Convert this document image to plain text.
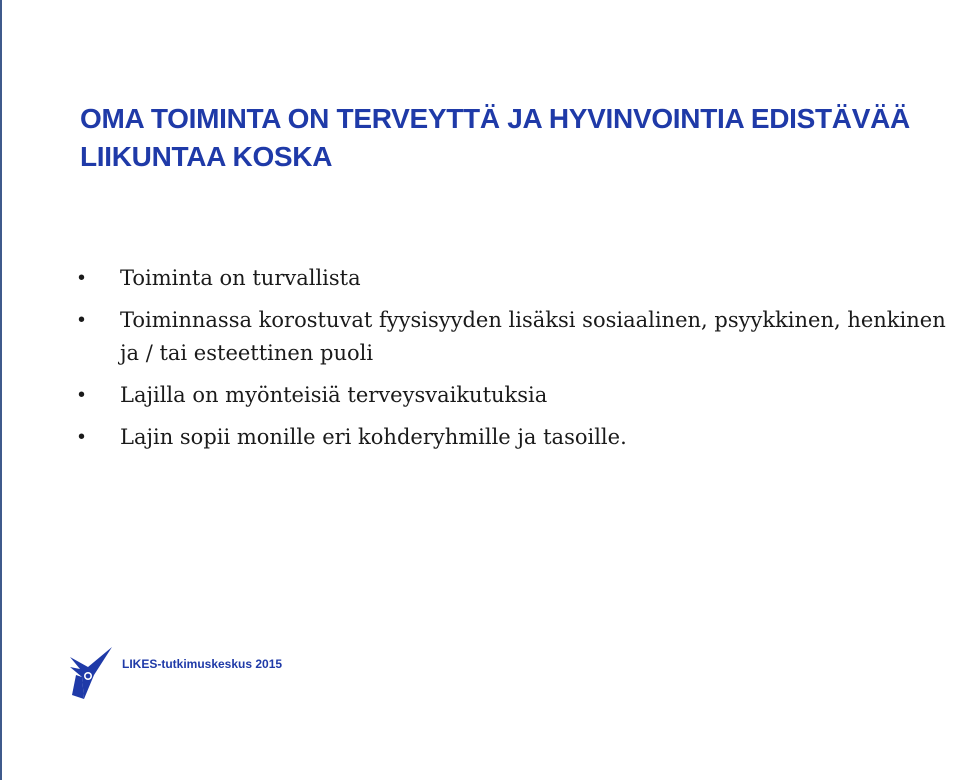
OMA TOIMINTA ON TERVEYTTÄ JA HYVINVOINTIA EDISTÄVÄÄ
LIIKUNTAA KOSKA
• Toiminta on turvallista
• Toiminnassa korostuvat fyysisyyden lisäksi sosiaalinen, psyykkinen, henkinen ja / tai esteettinen puoli
• Lajilla on myönteisiä terveysvaikutuksia
• Lajin sopii monille eri kohderyhmille ja tasoille.
LIKES-tutkimuskeskus 2015
